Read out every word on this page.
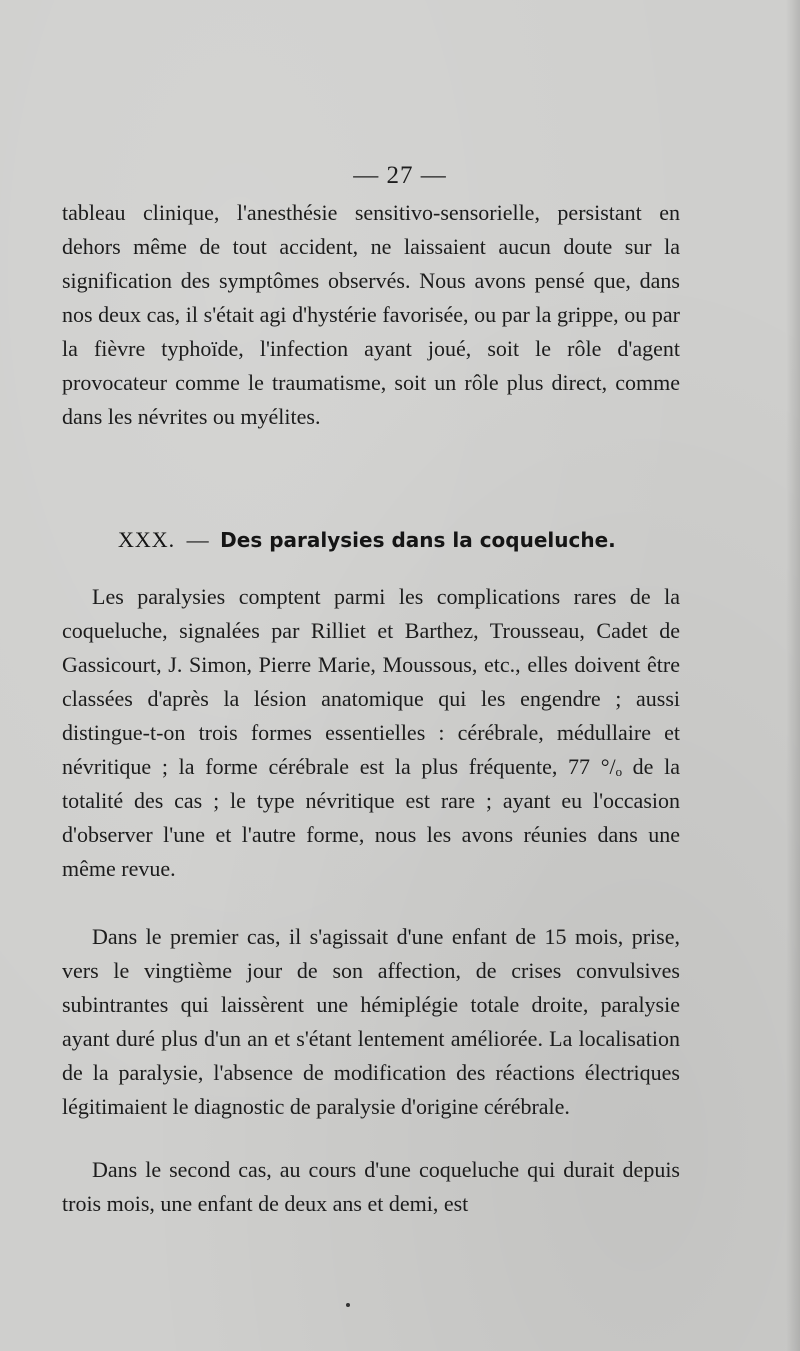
— 27 —

tableau clinique, l'anesthésie sensitivo-sensorielle, persistant en dehors même de tout accident, ne laissaient aucun doute sur la signification des symptômes observés. Nous avons pensé que, dans nos deux cas, il s'était agi d'hystérie favorisée, ou par la grippe, ou par la fièvre typhoïde, l'infection ayant joué, soit le rôle d'agent provocateur comme le traumatisme, soit un rôle plus direct, comme dans les névrites ou myélites.

XXX. — Des paralysies dans la coqueluche.

Les paralysies comptent parmi les complications rares de la coqueluche, signalées par Rilliet et Barthez, Trousseau, Cadet de Gassicourt, J. Simon, Pierre Marie, Moussous, etc., elles doivent être classées d'après la lésion anatomique qui les engendre ; aussi distingue-t-on trois formes essentielles : cérébrale, médullaire et névritique ; la forme cérébrale est la plus fréquente, 77 °/ₒ de la totalité des cas ; le type névritique est rare ; ayant eu l'occasion d'observer l'une et l'autre forme, nous les avons réunies dans une même revue.

Dans le premier cas, il s'agissait d'une enfant de 15 mois, prise, vers le vingtième jour de son affection, de crises convulsives subintrantes qui laissèrent une hémiplégie totale droite, paralysie ayant duré plus d'un an et s'étant lentement améliorée. La localisation de la paralysie, l'absence de modification des réactions électriques légitimaient le diagnostic de paralysie d'origine cérébrale.

Dans le second cas, au cours d'une coqueluche qui durait depuis trois mois, une enfant de deux ans et demi, est
